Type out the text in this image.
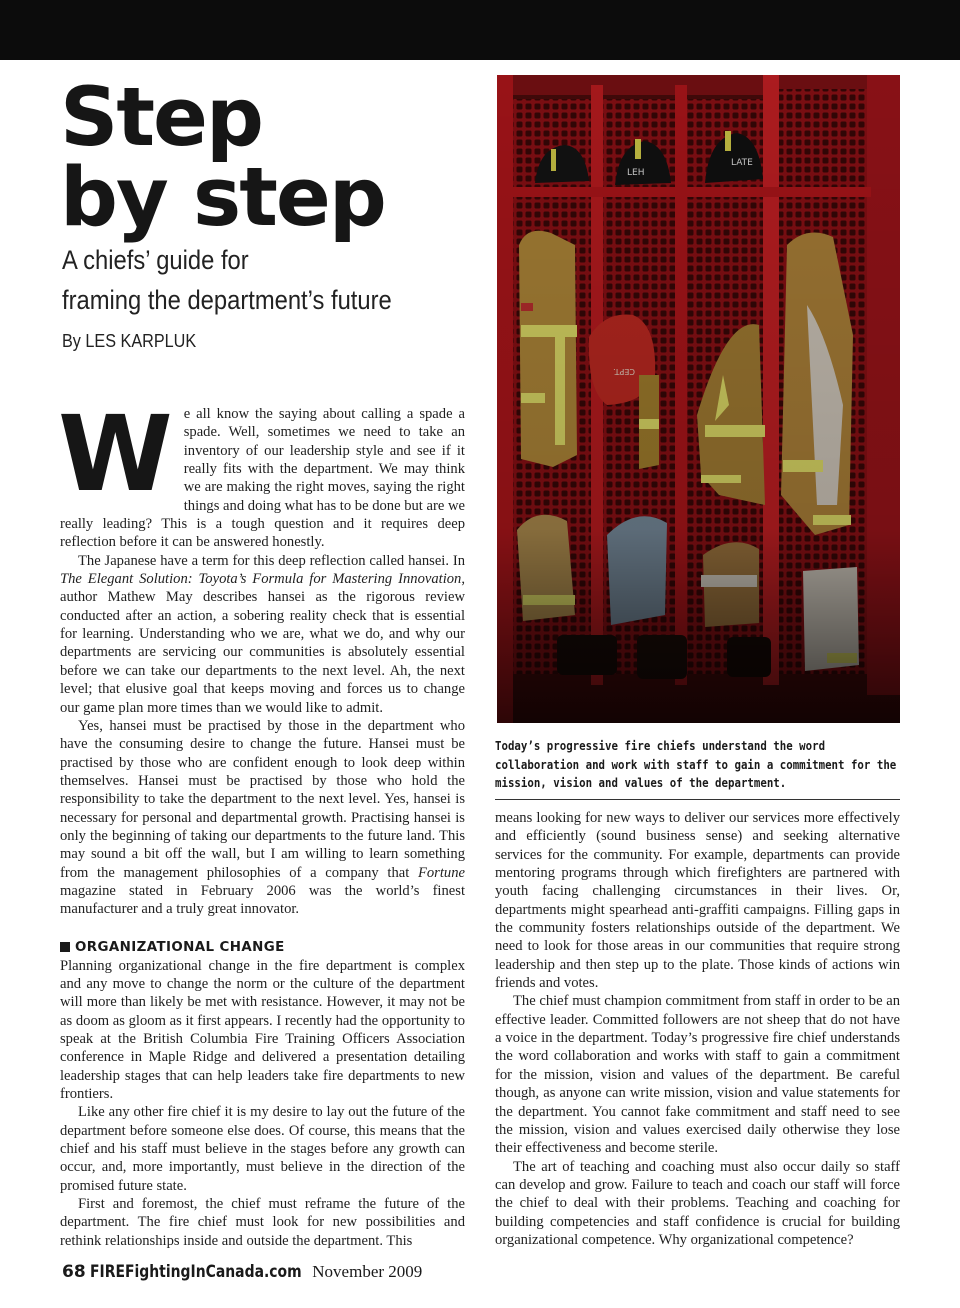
Step
by step
A chiefs’ guide for
framing the department’s future
By LES KARPLUK

We all know the saying about calling a spade a spade. Well, sometimes we need to take an inventory of our leadership style and see if it really fits with the department. We may think we are making the right moves, saying the right things and doing what has to be done but are we really leading? This is a tough question and it requires deep reflection before it can be answered honestly.

The Japanese have a term for this deep reflection called hansei. In The Elegant Solution: Toyota’s Formula for Mastering Innovation, author Mathew May describes hansei as the rigorous review conducted after an action, a sobering reality check that is essential for learning. Understanding who we are, what we do, and why our departments are servicing our communities is absolutely essential before we can take our departments to the next level. Ah, the next level; that elusive goal that keeps moving and forces us to change our game plan more times than we would like to admit.

Yes, hansei must be practised by those in the department who have the consuming desire to change the future. Hansei must be practised by those who are confident enough to look deep within themselves. Hansei must be practised by those who hold the responsibility to take the department to the next level. Yes, hansei is necessary for personal and departmental growth. Practising hansei is only the beginning of taking our departments to the future land. This may sound a bit off the wall, but I am willing to learn something from the management philosophies of a company that Fortune magazine stated in February 2006 was the world’s finest manufacturer and a truly great innovator.

ORGANIZATIONAL CHANGE

Planning organizational change in the fire department is complex and any move to change the norm or the culture of the department will more than likely be met with resistance. However, it may not be as doom as gloom as it first appears. I recently had the opportunity to speak at the British Columbia Fire Training Officers Association conference in Maple Ridge and delivered a presentation detailing leadership stages that can help leaders take fire departments to new frontiers.

Like any other fire chief it is my desire to lay out the future of the department before someone else does. Of course, this means that the chief and his staff must believe in the stages before any growth can occur, and, more importantly, must believe in the direction of the promised future state.

First and foremost, the chief must reframe the future of the department. The fire chief must look for new possibilities and rethink relationships inside and outside the department. This

Today’s progressive fire chiefs understand the word collaboration and work with staff to gain a commitment for the mission, vision and values of the department.

means looking for new ways to deliver our services more effectively and efficiently (sound business sense) and seeking alternative services for the community. For example, departments can provide mentoring programs through which firefighters are partnered with youth facing challenging circumstances in their lives. Or, departments might spearhead anti-graffiti campaigns. Filling gaps in the community fosters relationships outside of the department. We need to look for those areas in our communities that require strong leadership and then step up to the plate. Those kinds of actions win friends and votes.

The chief must champion commitment from staff in order to be an effective leader. Committed followers are not sheep that do not have a voice in the department. Today’s progressive fire chief understands the word collaboration and works with staff to gain a commitment for the mission, vision and values of the department. Be careful though, as anyone can write mission, vision and value statements for the department. You cannot fake commitment and staff need to see the mission, vision and values exercised daily otherwise they lose their effectiveness and become sterile.

The art of teaching and coaching must also occur daily so staff can develop and grow. Failure to teach and coach our staff will force the chief to deal with their problems. Teaching and coaching for building competencies and staff confidence is crucial for building organizational competence. Why organizational competence?

68 FIREFightingInCanada.com November 2009
